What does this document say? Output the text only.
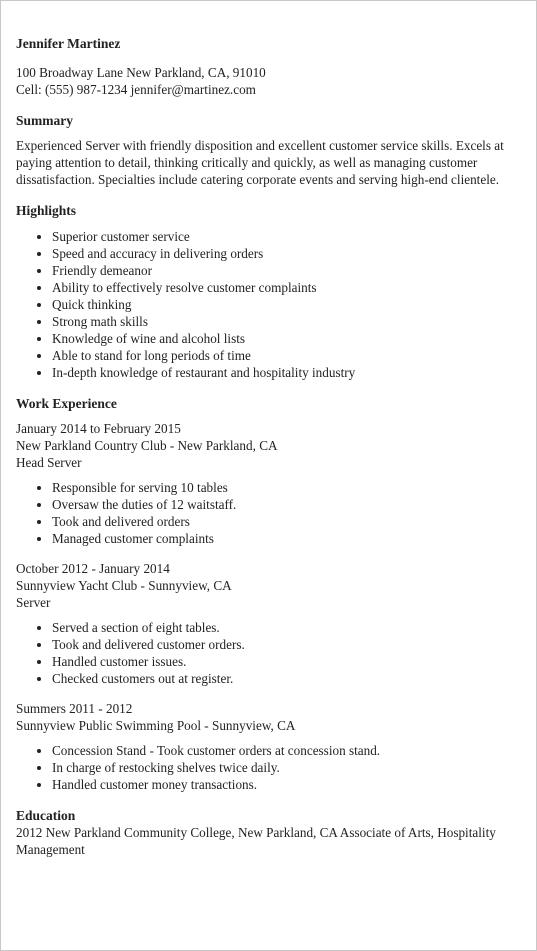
Jennifer Martinez
100 Broadway Lane New Parkland, CA, 91010
Cell: (555) 987-1234 jennifer@martinez.com
Summary

Experienced Server with friendly disposition and excellent customer service skills. Excels at paying attention to detail, thinking critically and quickly, as well as managing customer dissatisfaction. Specialties include catering corporate events and serving high-end clientele.

Highlights
• Superior customer service
• Speed and accuracy in delivering orders
• Friendly demeanor
• Ability to effectively resolve customer complaints
• Quick thinking
• Strong math skills
• Knowledge of wine and alcohol lists
• Able to stand for long periods of time
• In-depth knowledge of restaurant and hospitality industry
Work Experience
January 2014 to February 2015
New Parkland Country Club - New Parkland, CA
Head Server
• Responsible for serving 10 tables
• Oversaw the duties of 12 waitstaff.
• Took and delivered orders
• Managed customer complaints
October 2012 - January 2014
Sunnyview Yacht Club - Sunnyview, CA
Server
• Served a section of eight tables.
• Took and delivered customer orders.
• Handled customer issues.
• Checked customers out at register.
Summers 2011 - 2012
Sunnyview Public Swimming Pool - Sunnyview, CA
• Concession Stand - Took customer orders at concession stand.
• In charge of restocking shelves twice daily.
• Handled customer money transactions.
Education
2012 New Parkland Community College, New Parkland, CA Associate of Arts, Hospitality Management
